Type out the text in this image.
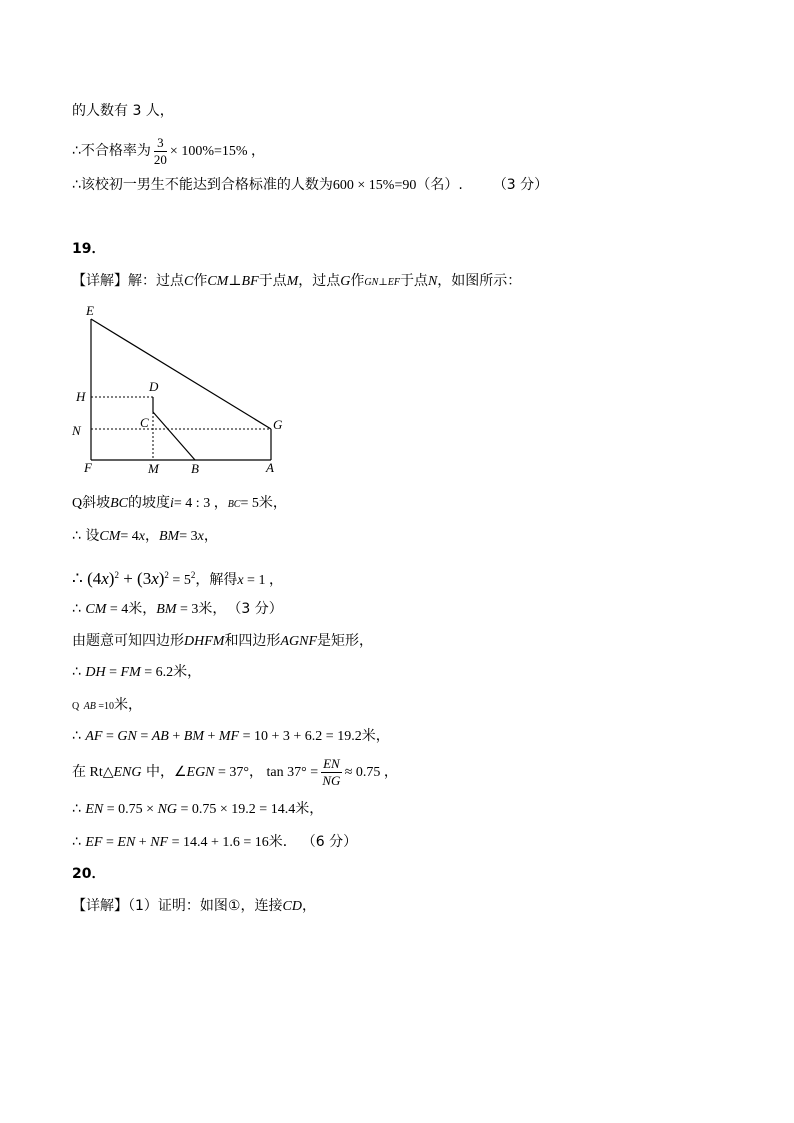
的人数有 3 人，
∴不合格率为 $\frac{3}{20} \times 100\%=15\%$ ，
∴该校初一男生不能达到合格标准的人数为600 × 15%=90（名）. （3 分）
19．
【详解】解：过点C作CM⊥BF于点M，过点G作GN⊥EF于点N，如图所示：
E
H
D
C
N	G
F	M B	A
Q斜坡BC的坡度i= 4 : 3 ，BC= 5米，
∴ 设CM= 4x，BM= 3x，
∴ $(4x)^2 + (3x)^2 = 5^2$，解得x = 1 ，
∴ CM = 4米，BM = 3米， （3 分）
由题意可知四边形DHFM和四边形AGNF是矩形，
∴ DH = FM = 6.2米，
Q AB =10米，
∴ AF = GN = AB + BM + MF = 10 + 3 + 6.2 = 19.2米，
在 Rt△ENG 中，∠EGN = 37°， $\tan 37^\circ = \frac{EN}{NG} \approx 0.75$ ，
∴ EN = 0.75 × NG = 0.75 × 19.2 = 14.4米，
∴ EF = EN + NF = 14.4 + 1.6 = 16米． （6 分）
20．
【详解】（1）证明：如图①，连接CD，
